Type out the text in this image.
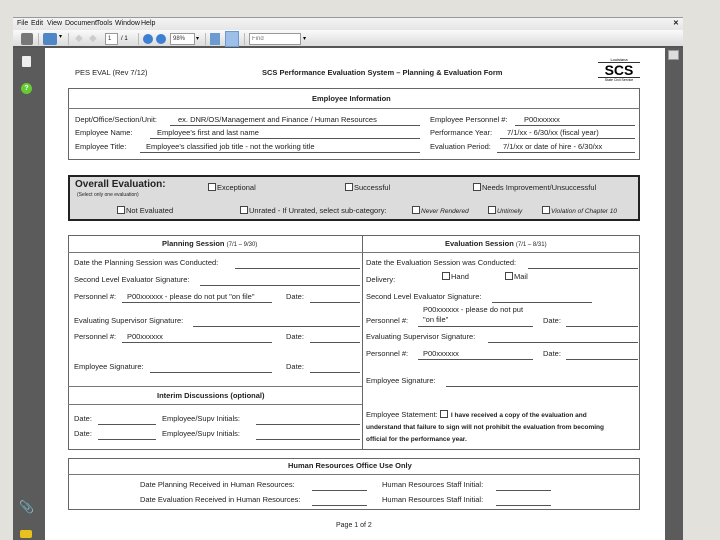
File Edit View Document Tools Window Help	✕
▾ ◆ ◆	1	/ 1	98%	▾
Find	▾
?
📎
PES EVAL (Rev 7/12)	SCS Performance Evaluation System – Planning & Evaluation Form
Louisiana
SCS
State Civil Service
Employee Information
Dept/Office/Section/Unit:	ex. DNR/OS/Management and Finance / Human Resources
Employee Name:	Employee's first and last name
Employee Title:	Employee's classified job title - not the working title
Employee Personnel #: P00xxxxxx
Performance Year: 7/1/xx - 6/30/xx (fiscal year)
Evaluation Period: 7/1/xx or date of hire - 6/30/xx
Overall Evaluation:
(Select only one evaluation)
Exceptional	Successful	Needs Improvement/Unsuccessful
Not Evaluated	Unrated - If Unrated, select sub-category:	Never Rendered	Untimely	Violation of Chapter 10
Planning Session (7/1 – 9/30)
Date the Planning Session was Conducted:
Second Level Evaluator Signature:
Personnel #: P00xxxxxx - please do not put "on file"	Date:
Evaluating Supervisor Signature:
Personnel #: P00xxxxxx	Date:
Employee Signature:	Date:
Interim Discussions (optional)
Date:	Employee/Supv Initials:
Date:	Employee/Supv Initials:
Evaluation Session (7/1 – 8/31)
Date the Evaluation Session was Conducted:
Delivery:	Hand	Mail
Second Level Evaluator Signature:
P00xxxxxx - please do not put
Personnel #: "on file"	Date:
Evaluating Supervisor Signature:
Personnel #: P00xxxxxx	Date:
Employee Signature:
Employee Statement: I have received a copy of the evaluation and
understand that failure to sign will not prohibit the evaluation from becoming
official for the performance year.
Human Resources Office Use Only
Date Planning Received in Human Resources:	Human Resources Staff Initial:
Date Evaluation Received in Human Resources:	Human Resources Staff Initial:
Page 1 of 2
